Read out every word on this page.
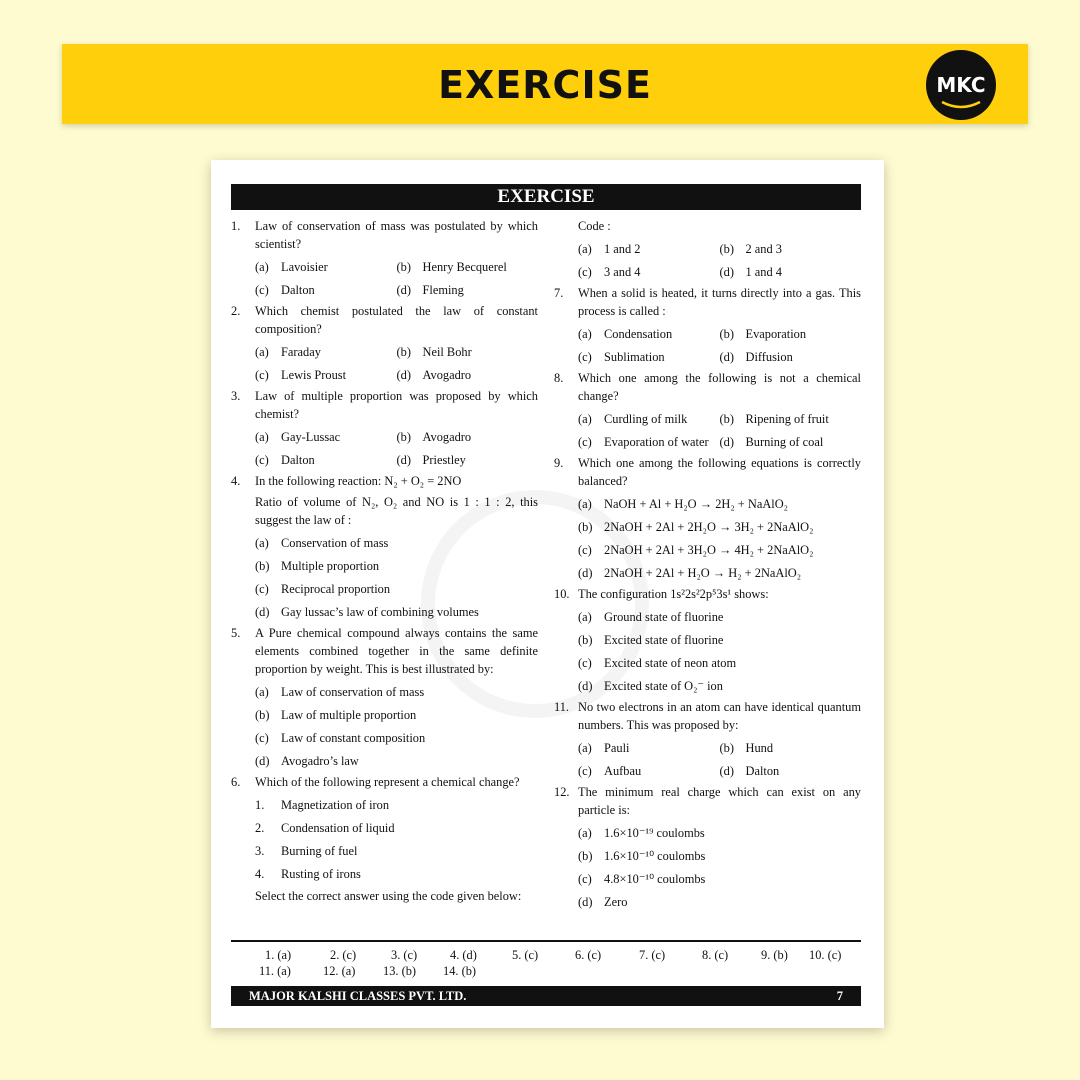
EXERCISE	MKC
EXERCISE
1. Law of conservation of mass was postulated by which scientist?
(a) Lavoisier	(b) Henry Becquerel
(c) Dalton	(d) Fleming
2. Which chemist postulated the law of constant composition?
(a) Faraday	(b) Neil Bohr
(c) Lewis Proust	(d) Avogadro
3. Law of multiple proportion was proposed by which chemist?
(a) Gay-Lussac	(b) Avogadro
(c) Dalton	(d) Priestley
4. In the following reaction: N₂ + O₂ = 2NO
Ratio of volume of N₂, O₂ and NO is 1 : 1 : 2, this suggest the law of :
(a) Conservation of mass
(b) Multiple proportion
(c) Reciprocal proportion
(d) Gay lussac’s law of combining volumes
5. A Pure chemical compound always contains the same elements combined together in the same definite proportion by weight. This is best illustrated by:
(a) Law of conservation of mass
(b) Law of multiple proportion
(c) Law of constant composition
(d) Avogadro’s law
6. Which of the following represent a chemical change?
1.	Magnetization of iron
2.	Condensation of liquid
3.	Burning of fuel
4.	Rusting of irons
Select the correct answer using the code given below:
Code :
(a) 1 and 2	(b) 2 and 3
(c) 3 and 4	(d) 1 and 4
7. When a solid is heated, it turns directly into a gas. This process is called :
(a) Condensation	(b) Evaporation
(c) Sublimation	(d) Diffusion
8. Which one among the following is not a chemical change?
(a) Curdling of milk	(b) Ripening of fruit
(c) Evaporation of water (d) Burning of coal
9. Which one among the following equations is correctly balanced?
(a) NaOH + Al + H₂O → 2H₂ + NaAlO₂
(b) 2NaOH + 2Al + 2H₂O → 3H₂ + 2NaAlO₂
(c) 2NaOH + 2Al + 3H₂O → 4H₂ + 2NaAlO₂
(d) 2NaOH + 2Al + H₂O → H₂ + 2NaAlO₂
10. The configuration 1s²2s²2p⁵3s¹ shows:
(a) Ground state of fluorine
(b) Excited state of fluorine
(c) Excited state of neon atom
(d) Excited state of O₂⁻ ion
11. No two electrons in an atom can have identical quantum numbers. This was proposed by:
(a) Pauli	(b) Hund
(c) Aufbau	(d) Dalton
12. The minimum real charge which can exist on any particle is:
(a) 1.6×10⁻¹⁹ coulombs
(b) 1.6×10⁻¹⁰ coulombs
(c) 4.8×10⁻¹⁰ coulombs
(d) Zero
1. (a)	2. (c)	3. (c)	4. (d)	5. (c)	6. (c)	7. (c)	8. (c)	9. (b) 10. (c)
11. (a)	12. (a) 13. (b) 14. (b)
MAJOR KALSHI CLASSES PVT. LTD.	7
